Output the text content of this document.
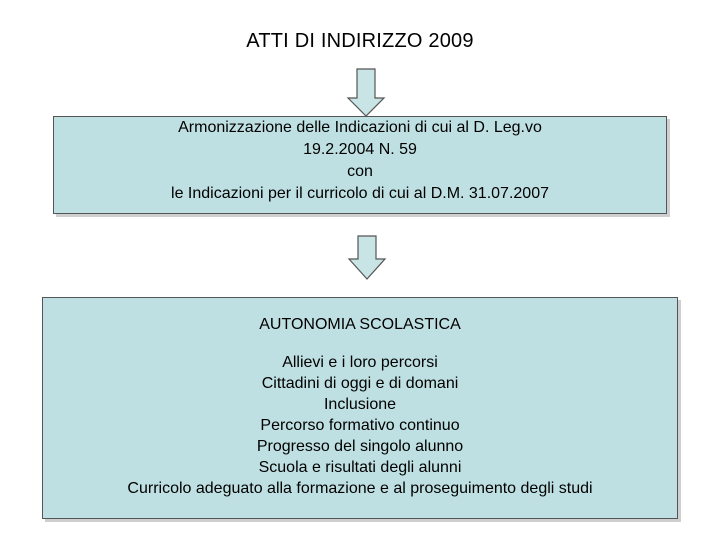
ATTI DI INDIRIZZO 2009
Armonizzazione delle Indicazioni di cui al D. Leg.vo
19.2.2004 N. 59
con
le Indicazioni per il curricolo di cui al D.M. 31.07.2007
AUTONOMIA SCOLASTICA
Allievi e i loro percorsi
Cittadini di oggi e di domani
Inclusione
Percorso formativo continuo
Progresso del singolo alunno
Scuola e risultati degli alunni
Curricolo adeguato alla formazione e al proseguimento degli studi
